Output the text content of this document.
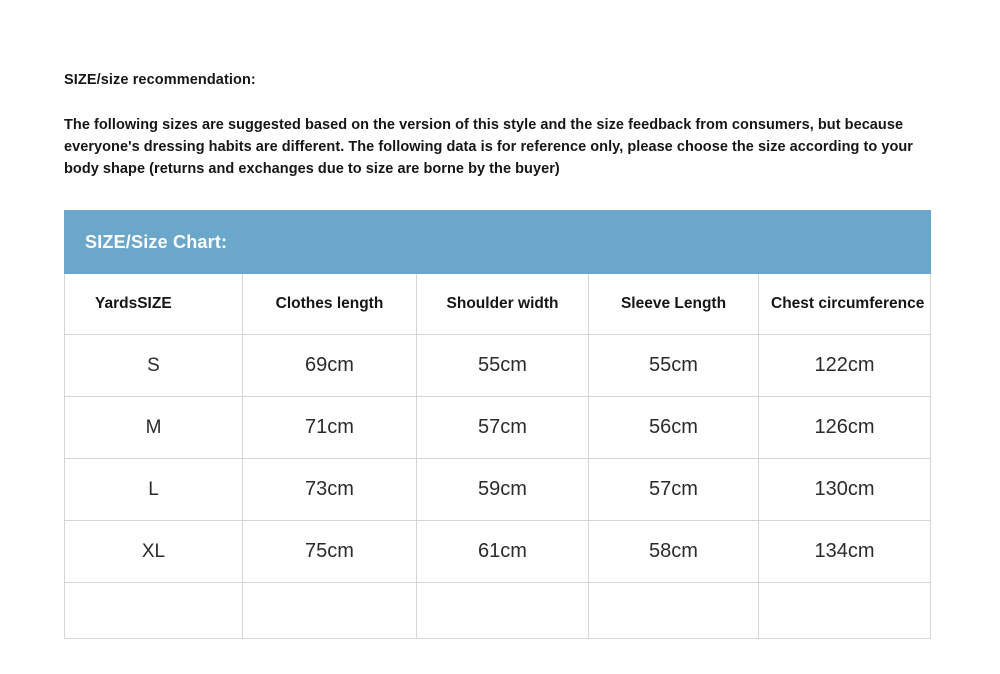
SIZE/size recommendation:
The following sizes are suggested based on the version of this style and the size feedback from consumers, but because everyone's dressing habits are different. The following data is for reference only, please choose the size according to your body shape (returns and exchanges due to size are borne by the buyer)
SIZE/Size Chart:				
YardsSIZE	Clothes length	Shoulder width	Sleeve Length	Chest circumference
S	69cm	55cm	55cm	122cm
M	71cm	57cm	56cm	126cm
L	73cm	59cm	57cm	130cm
XL	75cm	61cm	58cm	134cm
